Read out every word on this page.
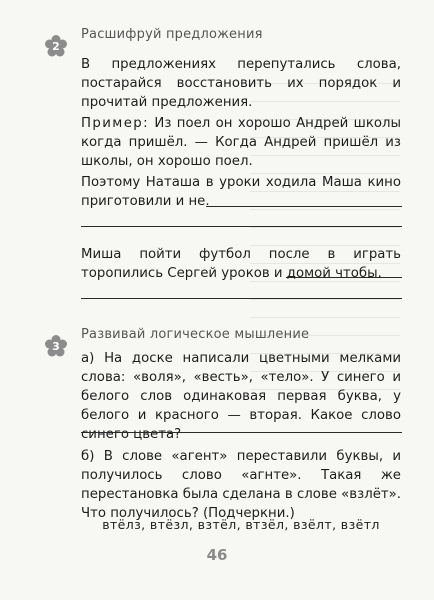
2
Расшифруй предложения
В предложениях перепутались слова, постарайся восстановить их порядок и прочитай предложения.
Пример: Из поел он хорошо Андрей школы когда пришёл. — Когда Андрей пришёл из школы, он хорошо поел.
Поэтому Наташа в уроки ходила Маша кино приготовили и не.
Миша пойти футбол после в играть торопились Сергей уроков и домой чтобы.
3
Развивай логическое мышление
а) На доске написали цветными мелками слова: «воля», «весть», «тело». У синего и белого слов одинаковая первая буква, у белого и красного — вторая. Какое слово синего цвета?
б) В слове «агент» переставили буквы, и получилось слово «агнте». Такая же перестановка была сделана в слове «взлёт». Что получилось? (Подчеркни.)
втёлз, втёзл, взтёл, втзёл, взёлт, взётл
46
